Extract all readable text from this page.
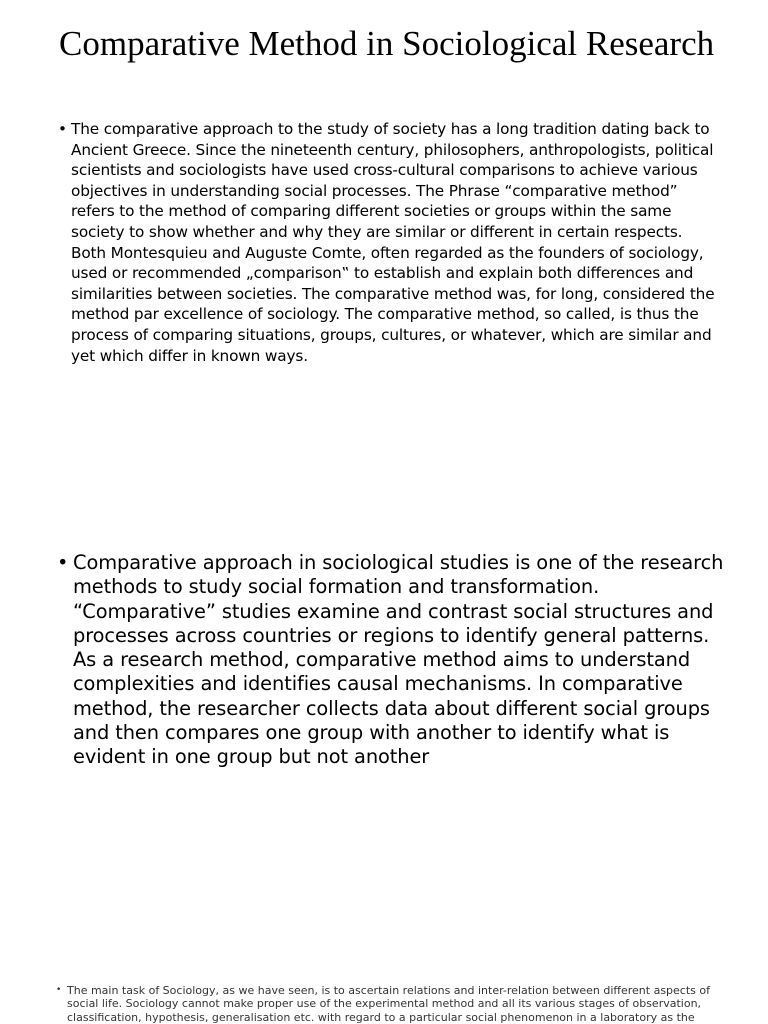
Comparative Method in Sociological Research
• The comparative approach to the study of society has a long tradition dating back to Ancient Greece. Since the nineteenth century, philosophers, anthropologists, political scientists and sociologists have used cross-cultural comparisons to achieve various objectives in understanding social processes. The Phrase “comparative method” refers to the method of comparing different societies or groups within the same society to show whether and why they are similar or different in certain respects. Both Montesquieu and Auguste Comte, often regarded as the founders of sociology, used or recommended „comparison‟ to establish and explain both differences and similarities between societies. The comparative method was, for long, considered the method par excellence of sociology. The comparative method, so called, is thus the process of comparing situations, groups, cultures, or whatever, which are similar and yet which differ in known ways.
• Comparative approach in sociological studies is one of the research methods to study social formation and transformation. “Comparative” studies examine and contrast social structures and processes across countries or regions to identify general patterns. As a research method, comparative method aims to understand complexities and identifies causal mechanisms. In comparative method, the researcher collects data about different social groups and then compares one group with another to identify what is evident in one group but not another
• The main task of Sociology, as we have seen, is to ascertain relations and inter-relation between different aspects of social life. Sociology cannot make proper use of the experimental method and all its various stages of observation, classification, hypothesis, generalisation etc. with regard to a particular social phenomenon in a laboratory as the
